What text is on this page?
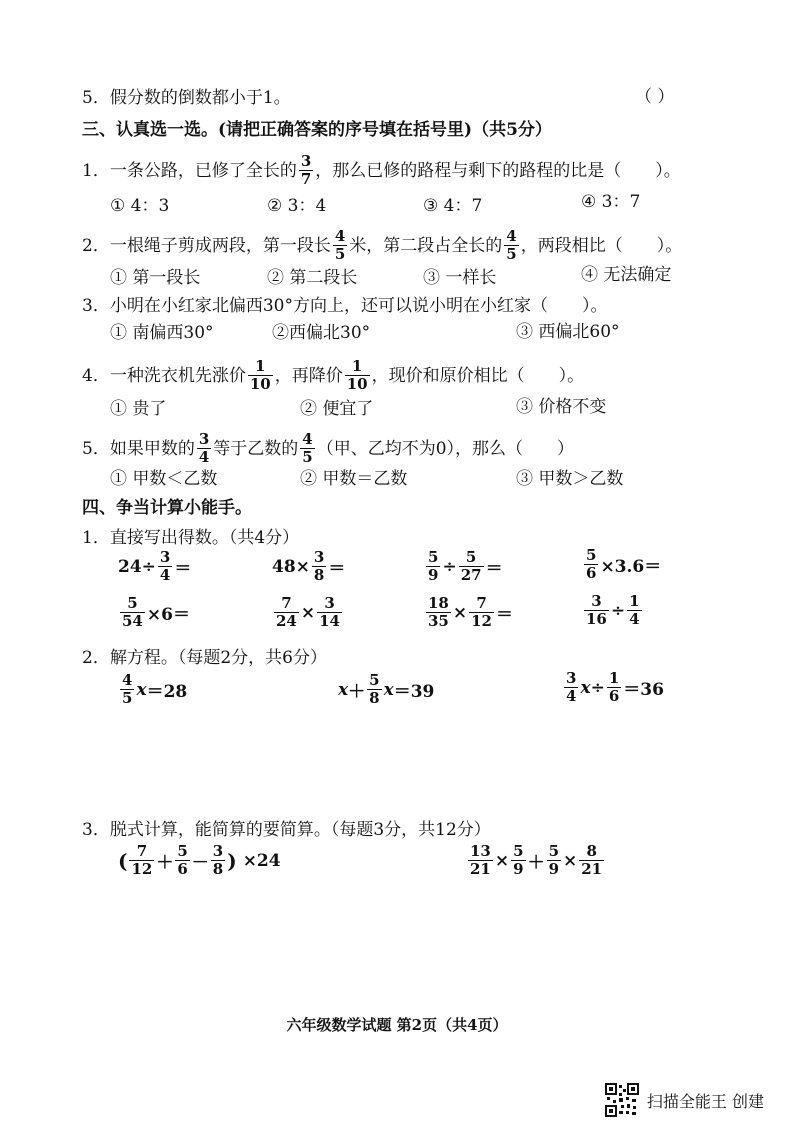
5．假分数的倒数都小于1。	（ ）
三、认真选一选。(请把正确答案的序号填在括号里)（共5分）
1．一条公路，已修了全长的 $\frac{3}{7}$ ，那么已修的路程与剩下的路程的比是（　　）。
① 4：3	② 3：4	③ 4：7	④ 3：7
2．一根绳子剪成两段，第一段长 $\frac{4}{5}$ 米，第二段占全长的 $\frac{4}{5}$ ，两段相比（　　）。
① 第一段长	② 第二段长	③ 一样长	④ 无法确定
3．小明在小红家北偏西30°方向上，还可以说小明在小红家（　　）。
① 南偏西30°	②西偏北30°	③ 西偏北60°
4．一种洗衣机先涨价 $\frac{1}{10}$ ，再降价 $\frac{1}{10}$ ，现价和原价相比（　　）。
① 贵了	② 便宜了	③ 价格不变
5．如果甲数的 $\frac{3}{4}$ 等于乙数的 $\frac{4}{5}$ （甲、乙均不为0），那么（　　）
① 甲数＜乙数	② 甲数＝乙数	③ 甲数＞乙数
四、争当计算小能手。
1．直接写出得数。（共4分）
$24\div \frac{3}{4}$ ＝	$48\times \frac{3}{8}$ ＝	$\frac{5}{9} \div \frac{5}{27}$ ＝	$\frac{5}{6} \times 3.6=$
$\frac{5}{54} \times 6=$	$\frac{7}{24} \times \frac{3}{14}$	$\frac{18}{35} \times \frac{7}{12}$ ＝	$\frac{3}{16} \div \frac{1}{4}$
2．解方程。（每题2分，共6分）
$\frac{4}{5}$ x ＝28	$x + \frac{5}{8}$ x ＝39	$\frac{3}{4}$ $x \div \frac{1}{6} =36$
3．脱式计算，能简算的要简算。（每题3分，共12分）
( $\frac{7}{12} + \frac{5}{6} - \frac{3}{8}$ ) ×24	$\frac{13}{21} \times \frac{5}{9} + \frac{5}{9} \times \frac{8}{21}$
六年级数学试题 第2页（共4页）
扫描全能王 创建
